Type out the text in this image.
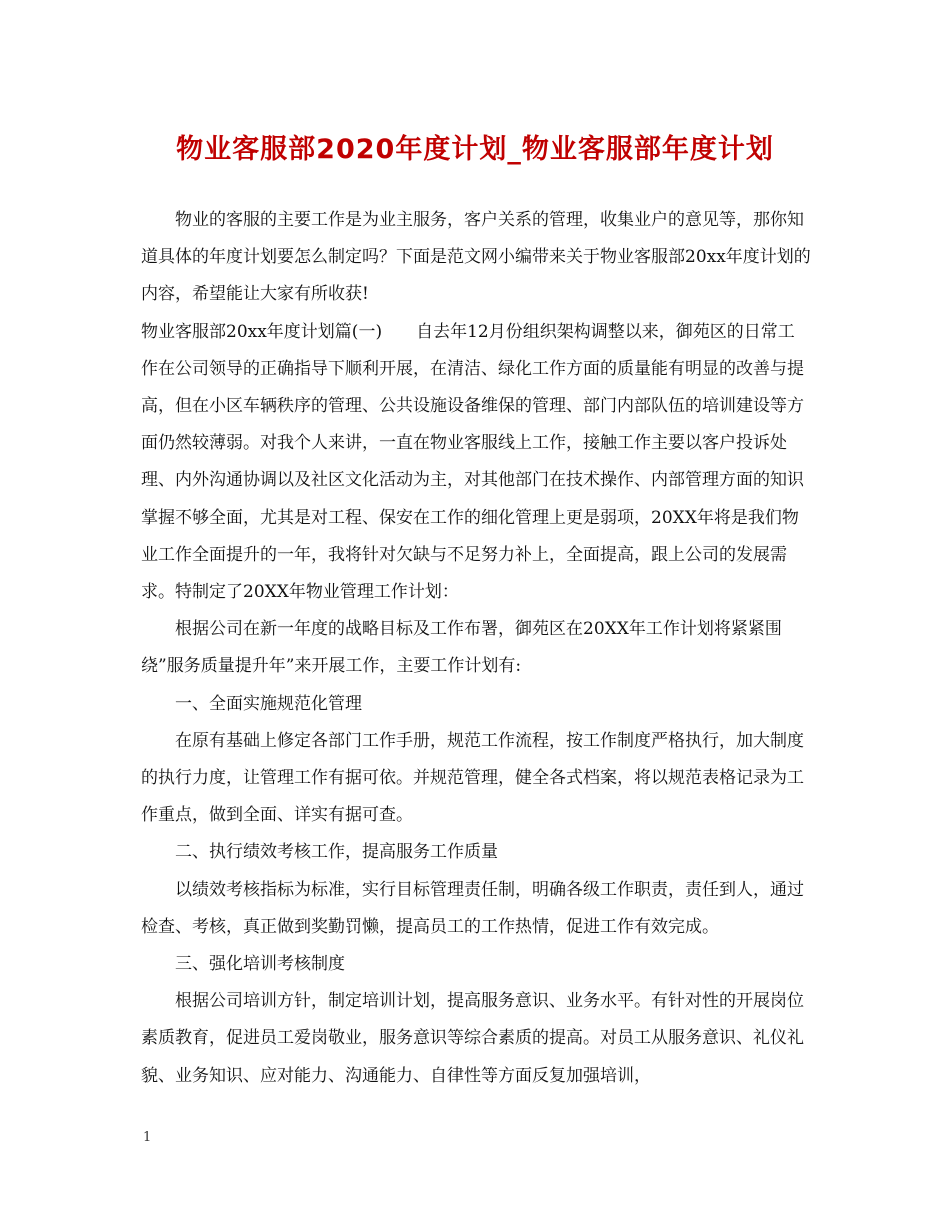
物业客服部2020年度计划_物业客服部年度计划

物业的客服的主要工作是为业主服务，客户关系的管理，收集业户的意见等，那你知道具体的年度计划要怎么制定吗？下面是范文网小编带来关于物业客服部20xx年度计划的内容，希望能让大家有所收获!

物业客服部20xx年度计划篇(一)　　自去年12月份组织架构调整以来，御苑区的日常工作在公司领导的正确指导下顺利开展，在清洁、绿化工作方面的质量能有明显的改善与提高，但在小区车辆秩序的管理、公共设施设备维保的管理、部门内部队伍的培训建设等方面仍然较薄弱。对我个人来讲，一直在物业客服线上工作，接触工作主要以客户投诉处理、内外沟通协调以及社区文化活动为主，对其他部门在技术操作、内部管理方面的知识掌握不够全面，尤其是对工程、保安在工作的细化管理上更是弱项，20XX年将是我们物业工作全面提升的一年，我将针对欠缺与不足努力补上，全面提高，跟上公司的发展需求。特制定了20XX年物业管理工作计划：

根据公司在新一年度的战略目标及工作布署，御苑区在20XX年工作计划将紧紧围绕”服务质量提升年”来开展工作，主要工作计划有:

一、全面实施规范化管理

在原有基础上修定各部门工作手册，规范工作流程，按工作制度严格执行，加大制度的执行力度，让管理工作有据可依。并规范管理，健全各式档案，将以规范表格记录为工作重点，做到全面、详实有据可查。

二、执行绩效考核工作，提高服务工作质量

以绩效考核指标为标准，实行目标管理责任制，明确各级工作职责，责任到人，通过检查、考核，真正做到奖勤罚懒，提高员工的工作热情，促进工作有效完成。

三、强化培训考核制度

根据公司培训方针，制定培训计划，提高服务意识、业务水平。有针对性的开展岗位素质教育，促进员工爱岗敬业，服务意识等综合素质的提高。对员工从服务意识、礼仪礼貌、业务知识、应对能力、沟通能力、自律性等方面反复加强培训，

1
